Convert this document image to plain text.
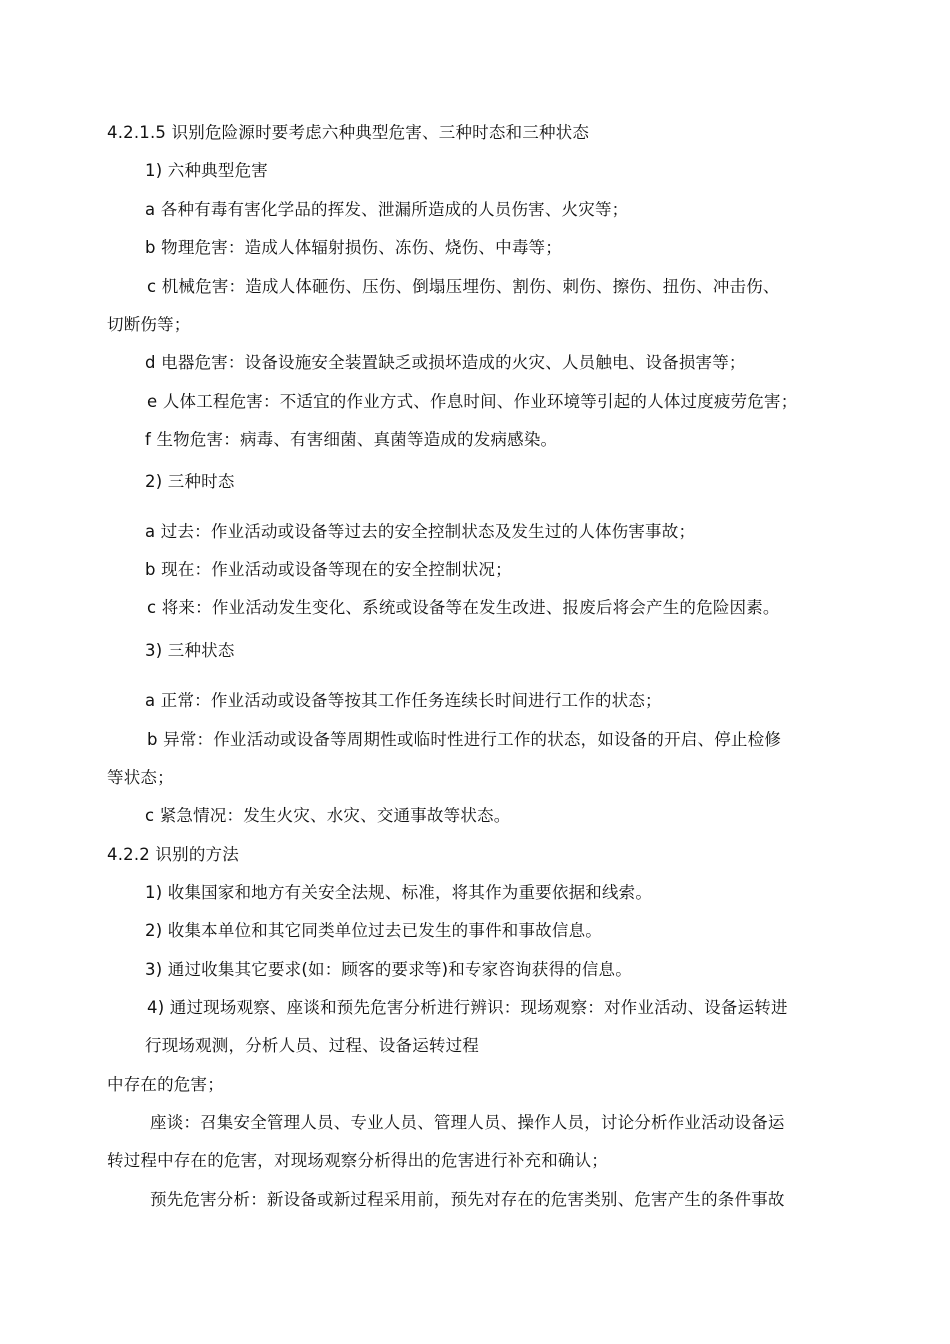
4.2.1.5 识别危险源时要考虑六种典型危害、三种时态和三种状态
1) 六种典型危害
a 各种有毒有害化学品的挥发、泄漏所造成的人员伤害、火灾等；
b 物理危害：造成人体辐射损伤、冻伤、烧伤、中毒等；
c 机械危害：造成人体砸伤、压伤、倒塌压埋伤、割伤、刺伤、擦伤、扭伤、冲击伤、
切断伤等；
d 电器危害：设备设施安全装置缺乏或损坏造成的火灾、人员触电、设备损害等；
e 人体工程危害：不适宜的作业方式、作息时间、作业环境等引起的人体过度疲劳危害；
f 生物危害：病毒、有害细菌、真菌等造成的发病感染。
2) 三种时态
a 过去：作业活动或设备等过去的安全控制状态及发生过的人体伤害事故；
b 现在：作业活动或设备等现在的安全控制状况；
c 将来：作业活动发生变化、系统或设备等在发生改进、报废后将会产生的危险因素。
3) 三种状态
a 正常：作业活动或设备等按其工作任务连续长时间进行工作的状态；
b 异常：作业活动或设备等周期性或临时性进行工作的状态，如设备的开启、停止检修
等状态；
c 紧急情况：发生火灾、水灾、交通事故等状态。
4.2.2 识别的方法
1) 收集国家和地方有关安全法规、标准，将其作为重要依据和线索。
2) 收集本单位和其它同类单位过去已发生的事件和事故信息。
3) 通过收集其它要求(如：顾客的要求等)和专家咨询获得的信息。
4) 通过现场观察、座谈和预先危害分析进行辨识：现场观察：对作业活动、设备运转进
行现场观测，分析人员、过程、设备运转过程
中存在的危害；
座谈：召集安全管理人员、专业人员、管理人员、操作人员，讨论分析作业活动设备运
转过程中存在的危害，对现场观察分析得出的危害进行补充和确认；
预先危害分析：新设备或新过程采用前，预先对存在的危害类别、危害产生的条件事故
